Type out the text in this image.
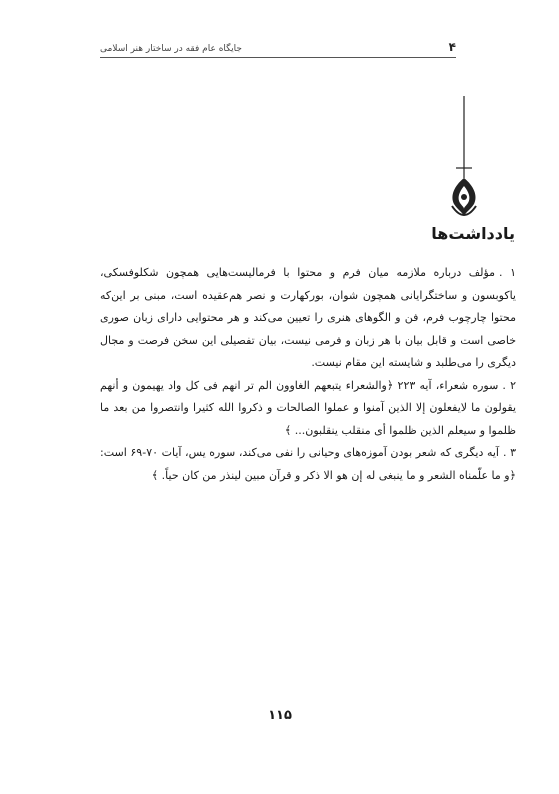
۴
جایگاه عام فقه در ساختار هنر اسلامی
یادداشت‌ها

۱ .مؤلف درباره ملازمه میان فرم و محتوا با فرمالیست‌هایی همچون شکلوفسکی، یاکوبسون و ساختگرایانی همچون شوان، بورکهارت و نصر هم‌عقیده است، مبنی بر این‌که محتوا چارچوب فرم، فن و الگوهای هنری را تعیین می‌کند و هر محتوایی دارای زبان صوری خاصی است و قابل بیان با هر زبان و فرمی نیست، بیان تفصیلی این سخن فرصت و مجال دیگری را می‌طلبد و شایسته این مقام نیست.

۲ .سوره شعراء، آیه ۲۲۳ ﴿والشعراء یتبعهم الغاوون الم تر انهم فی کل واد یهیمون و أنهم یقولون ما لایفعلون إلا الذین آمنوا و عملوا الصالحات و ذکروا الله کثیرا وانتصروا من بعد ما ظلموا و سیعلم الذین ظلموا أی منقلب ینقلبون... ﴾

۳ .آیه دیگری که شعر بودن آموزه‌های وحیانی را نفی می‌کند، سوره یس، آیات ۷۰-۶۹ است: ﴿و ما علّمناه الشعر و ما ینبغی له إن هو الا ذکر و قرآن مبین لینذر من کان حیاً. ﴾

۱۱۵
